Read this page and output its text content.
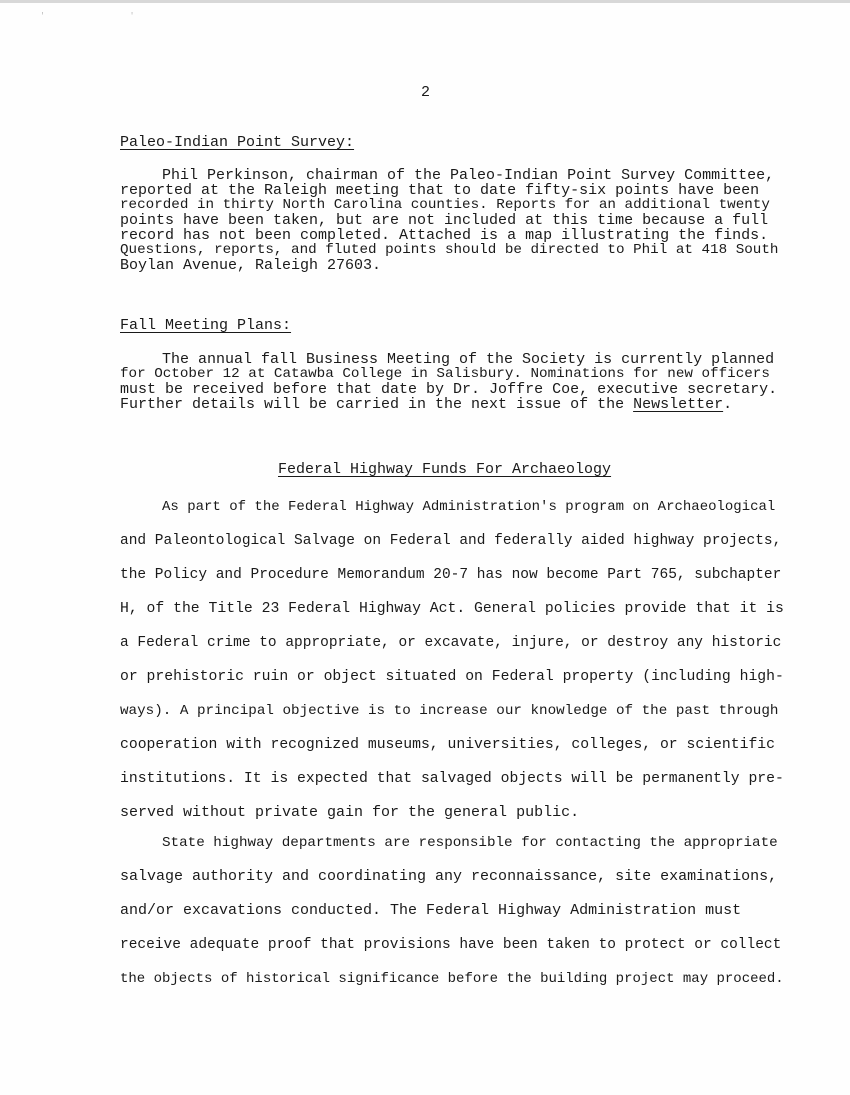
' '
2
Paleo-Indian Point Survey:
Phil Perkinson, chairman of the Paleo-Indian Point Survey Committee,
reported at the Raleigh meeting that to date fifty-six points have been
recorded in thirty North Carolina counties. Reports for an additional twenty
points have been taken, but are not included at this time because a full
record has not been completed. Attached is a map illustrating the finds.
Questions, reports, and fluted points should be directed to Phil at 418 South
Boylan Avenue, Raleigh 27603.
Fall Meeting Plans:
The annual fall Business Meeting of the Society is currently planned
for October 12 at Catawba College in Salisbury. Nominations for new officers
must be received before that date by Dr. Joffre Coe, executive secretary.
Further details will be carried in the next issue of the Newsletter.
Federal Highway Funds For Archaeology
As part of the Federal Highway Administration's program on Archaeological
and Paleontological Salvage on Federal and federally aided highway projects,
the Policy and Procedure Memorandum 20-7 has now become Part 765, subchapter
H, of the Title 23 Federal Highway Act. General policies provide that it is
a Federal crime to appropriate, or excavate, injure, or destroy any historic
or prehistoric ruin or object situated on Federal property (including high-
ways). A principal objective is to increase our knowledge of the past through
cooperation with recognized museums, universities, colleges, or scientific
institutions. It is expected that salvaged objects will be permanently pre-
served without private gain for the general public.
State highway departments are responsible for contacting the appropriate
salvage authority and coordinating any reconnaissance, site examinations,
and/or excavations conducted. The Federal Highway Administration must
receive adequate proof that provisions have been taken to protect or collect
the objects of historical significance before the building project may proceed.
